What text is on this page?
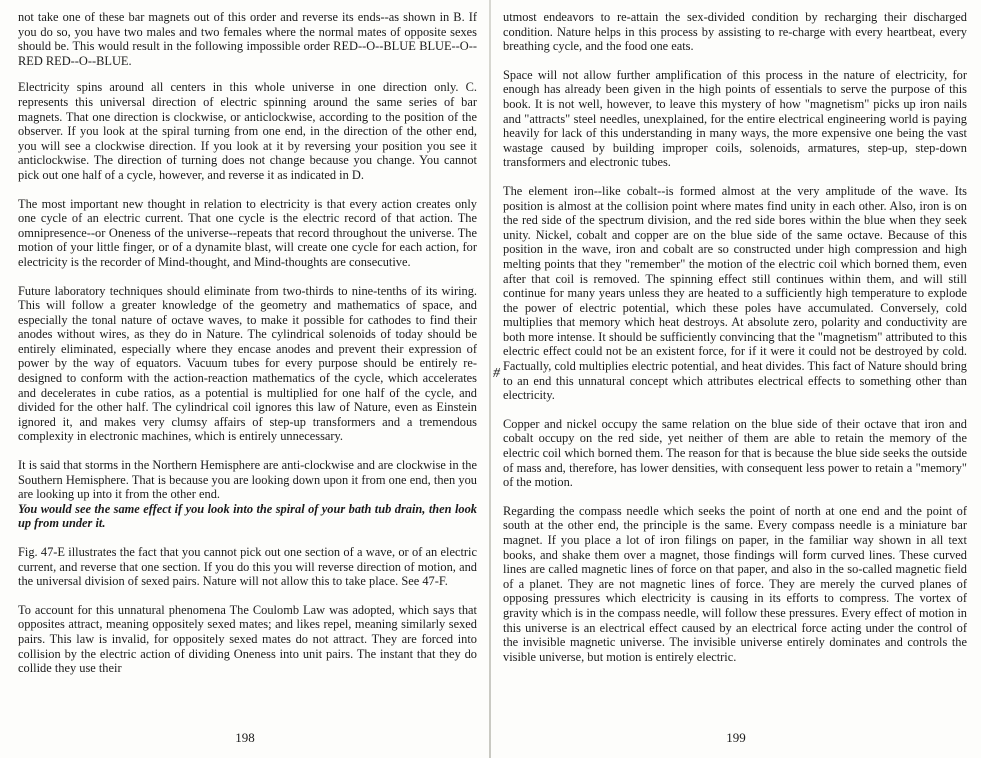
not take one of these bar magnets out of this order and reverse its ends--as shown in B. If you do so, you have two males and two females where the normal mates of opposite sexes should be. This would result in the following impossible order RED--O--BLUE BLUE--O--RED RED--O--BLUE.

Electricity spins around all centers in this whole universe in one direction only. C. represents this universal direction of electric spinning around the same series of bar magnets. That one direction is clockwise, or anticlockwise, according to the position of the observer. If you look at the spiral turning from one end, in the direction of the other end, you will see a clockwise direction. If you look at it by reversing your position you see it anticlockwise. The direction of turning does not change because you change. You cannot pick out one half of a cycle, however, and reverse it as indicated in D.

The most important new thought in relation to electricity is that every action creates only one cycle of an electric current. That one cycle is the electric record of that action. The omnipresence--or Oneness of the universe--repeats that record throughout the universe. The motion of your little finger, or of a dynamite blast, will create one cycle for each action, for electricity is the recorder of Mind-thought, and Mind-thoughts are consecutive.

Future laboratory techniques should eliminate from two-thirds to nine-tenths of its wiring. This will follow a greater knowledge of the geometry and mathematics of space, and especially the tonal nature of octave waves, to make it possible for cathodes to find their anodes without wires, as they do in Nature. The cylindrical solenoids of today should be entirely eliminated, especially where they encase anodes and prevent their expression of power by the way of equators. Vacuum tubes for every purpose should be entirely re-designed to conform with the action-reaction mathematics of the cycle, which accelerates and decelerates in cube ratios, as a potential is multiplied for one half of the cycle, and divided for the other half. The cylindrical coil ignores this law of Nature, even as Einstein ignored it, and makes very clumsy affairs of step-up transformers and a tremendous complexity in electronic machines, which is entirely unnecessary.

It is said that storms in the Northern Hemisphere are anti-clockwise and are clockwise in the Southern Hemisphere. That is because you are looking down upon it from one end, then you are looking up into it from the other end.

You would see the same effect if you look into the spiral of your bath tub drain, then look up from under it.

Fig. 47-E illustrates the fact that you cannot pick out one section of a wave, or of an electric current, and reverse that one section. If you do this you will reverse direction of motion, and the universal division of sexed pairs. Nature will not allow this to take place. See 47-F.

To account for this unnatural phenomena The Coulomb Law was adopted, which says that opposites attract, meaning oppositely sexed mates; and likes repel, meaning similarly sexed pairs. This law is invalid, for oppositely sexed mates do not attract. They are forced into collision by the electric action of dividing Oneness into unit pairs. The instant that they do collide they use their

198

utmost endeavors to re-attain the sex-divided condition by recharging their discharged condition. Nature helps in this process by assisting to re-charge with every heartbeat, every breathing cycle, and the food one eats.

Space will not allow further amplification of this process in the nature of electricity, for enough has already been given in the high points of essentials to serve the purpose of this book. It is not well, however, to leave this mystery of how "magnetism" picks up iron nails and "attracts" steel needles, unexplained, for the entire electrical engineering world is paying heavily for lack of this understanding in many ways, the more expensive one being the vast wastage caused by building improper coils, solenoids, armatures, step-up, step-down transformers and electronic tubes.

#

The element iron--like cobalt--is formed almost at the very amplitude of the wave. Its position is almost at the collision point where mates find unity in each other. Also, iron is on the red side of the spectrum division, and the red side bores within the blue when they seek unity. Nickel, cobalt and copper are on the blue side of the same octave. Because of this position in the wave, iron and cobalt are so constructed under high compression and high melting points that they "remember" the motion of the electric coil which borned them, even after that coil is removed. The spinning effect still continues within them, and will still continue for many years unless they are heated to a sufficiently high temperature to explode the power of electric potential, which these poles have accumulated. Conversely, cold multiplies that memory which heat destroys. At absolute zero, polarity and conductivity are both more intense. It should be sufficiently convincing that the "magnetism" attributed to this electric effect could not be an existent force, for if it were it could not be destroyed by cold. Factually, cold multiplies electric potential, and heat divides. This fact of Nature should bring to an end this unnatural concept which attributes electrical effects to something other than electricity.

Copper and nickel occupy the same relation on the blue side of their octave that iron and cobalt occupy on the red side, yet neither of them are able to retain the memory of the electric coil which borned them. The reason for that is because the blue side seeks the outside of mass and, therefore, has lower densities, with consequent less power to retain a "memory" of the motion.

Regarding the compass needle which seeks the point of north at one end and the point of south at the other end, the principle is the same. Every compass needle is a miniature bar magnet. If you place a lot of iron filings on paper, in the familiar way shown in all text books, and shake them over a magnet, those findings will form curved lines. These curved lines are called magnetic lines of force on that paper, and also in the so-called magnetic field of a planet. They are not magnetic lines of force. They are merely the curved planes of opposing pressures which electricity is causing in its efforts to compress. The vortex of gravity which is in the compass needle, will follow these pressures. Every effect of motion in this universe is an electrical effect caused by an electrical force acting under the control of the invisible magnetic universe. The invisible universe entirely dominates and controls the visible universe, but motion is entirely electric.

199
